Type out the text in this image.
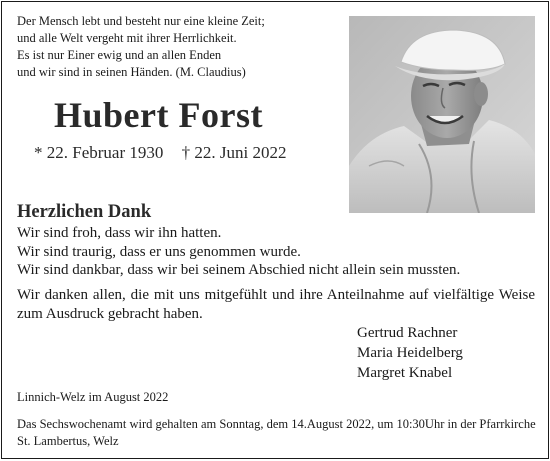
Der Mensch lebt und besteht nur eine kleine Zeit;
und alle Welt vergeht mit ihrer Herrlichkeit.
Es ist nur Einer ewig und an allen Enden
und wir sind in seinen Händen. (M. Claudius)
Hubert Forst
* 22. Februar 1930 † 22. Juni 2022
Herzlichen Dank
Wir sind froh, dass wir ihn hatten.
Wir sind traurig, dass er uns genommen wurde.
Wir sind dankbar, dass wir bei seinem Abschied nicht allein sein mussten.
Wir danken allen, die mit uns mitgefühlt und ihre Anteilnahme auf vielfältige Weise zum Ausdruck gebracht haben.
Gertrud Rachner
Maria Heidelberg
Margret Knabel
Linnich-Welz im August 2022
Das Sechswochenamt wird gehalten am Sonntag, dem 14.August 2022, um 10:30Uhr in der Pfarrkirche St. Lambertus, Welz
